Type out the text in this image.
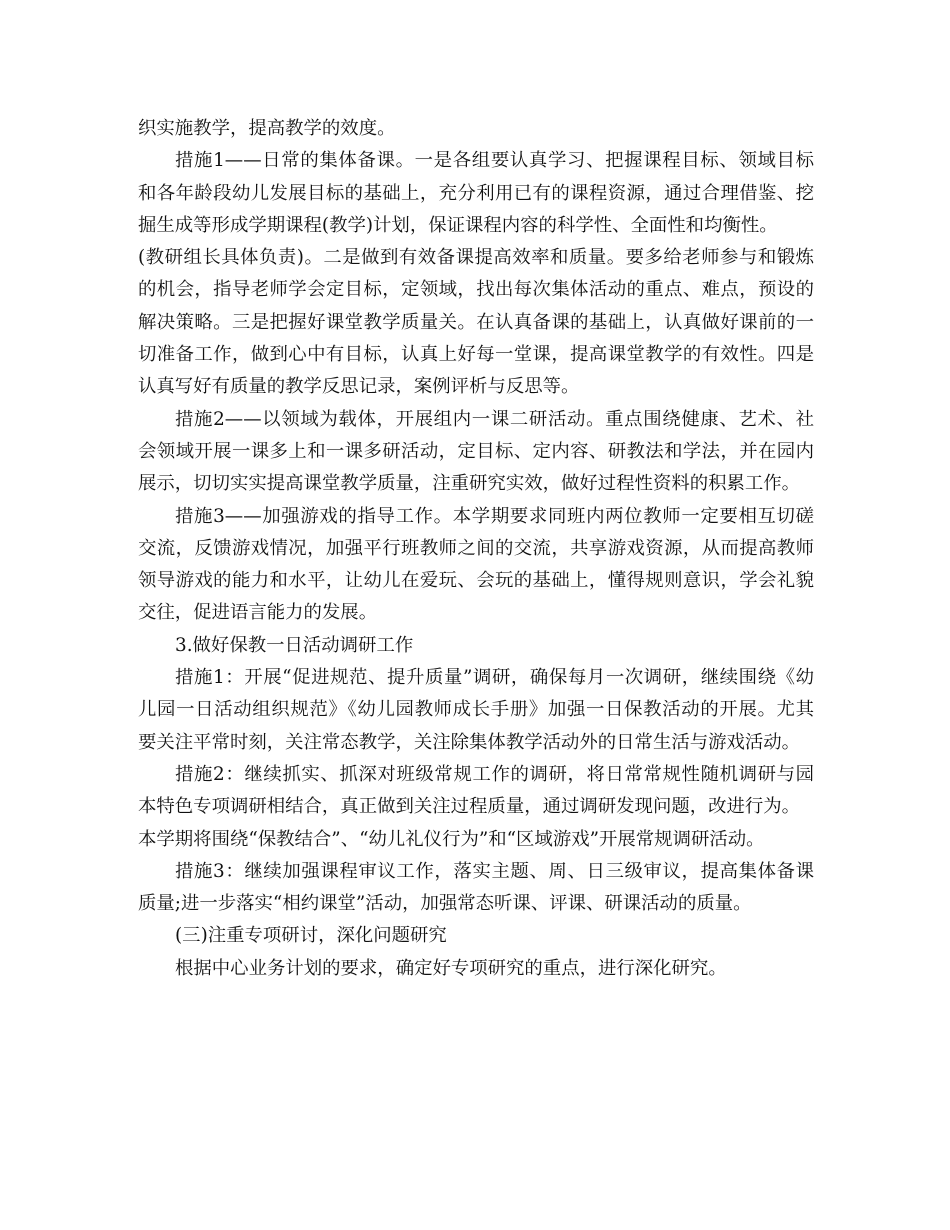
织实施教学，提高教学的效度。
措施1——日常的集体备课。一是各组要认真学习、把握课程目标、领域目标
和各年龄段幼儿发展目标的基础上，充分利用已有的课程资源，通过合理借鉴、挖
掘生成等形成学期课程(教学)计划，保证课程内容的科学性、全面性和均衡性。
(教研组长具体负责)。二是做到有效备课提高效率和质量。要多给老师参与和锻炼
的机会，指导老师学会定目标，定领域，找出每次集体活动的重点、难点，预设的
解决策略。三是把握好课堂教学质量关。在认真备课的基础上，认真做好课前的一
切准备工作，做到心中有目标，认真上好每一堂课，提高课堂教学的有效性。四是
认真写好有质量的教学反思记录，案例评析与反思等。
措施2——以领域为载体，开展组内一课二研活动。重点围绕健康、艺术、社
会领域开展一课多上和一课多研活动，定目标、定内容、研教法和学法，并在园内
展示，切切实实提高课堂教学质量，注重研究实效，做好过程性资料的积累工作。
措施3——加强游戏的指导工作。本学期要求同班内两位教师一定要相互切磋
交流，反馈游戏情况，加强平行班教师之间的交流，共享游戏资源，从而提高教师
领导游戏的能力和水平，让幼儿在爱玩、会玩的基础上，懂得规则意识，学会礼貌
交往，促进语言能力的发展。
3.做好保教一日活动调研工作
措施1：开展“促进规范、提升质量”调研，确保每月一次调研，继续围绕《幼
儿园一日活动组织规范》《幼儿园教师成长手册》加强一日保教活动的开展。尤其
要关注平常时刻，关注常态教学，关注除集体教学活动外的日常生活与游戏活动。
措施2：继续抓实、抓深对班级常规工作的调研，将日常常规性随机调研与园
本特色专项调研相结合，真正做到关注过程质量，通过调研发现问题，改进行为。
本学期将围绕“保教结合”、“幼儿礼仪行为”和“区域游戏”开展常规调研活动。
措施3：继续加强课程审议工作，落实主题、周、日三级审议，提高集体备课
质量;进一步落实“相约课堂”活动，加强常态听课、评课、研课活动的质量。
(三)注重专项研讨，深化问题研究
根据中心业务计划的要求，确定好专项研究的重点，进行深化研究。
